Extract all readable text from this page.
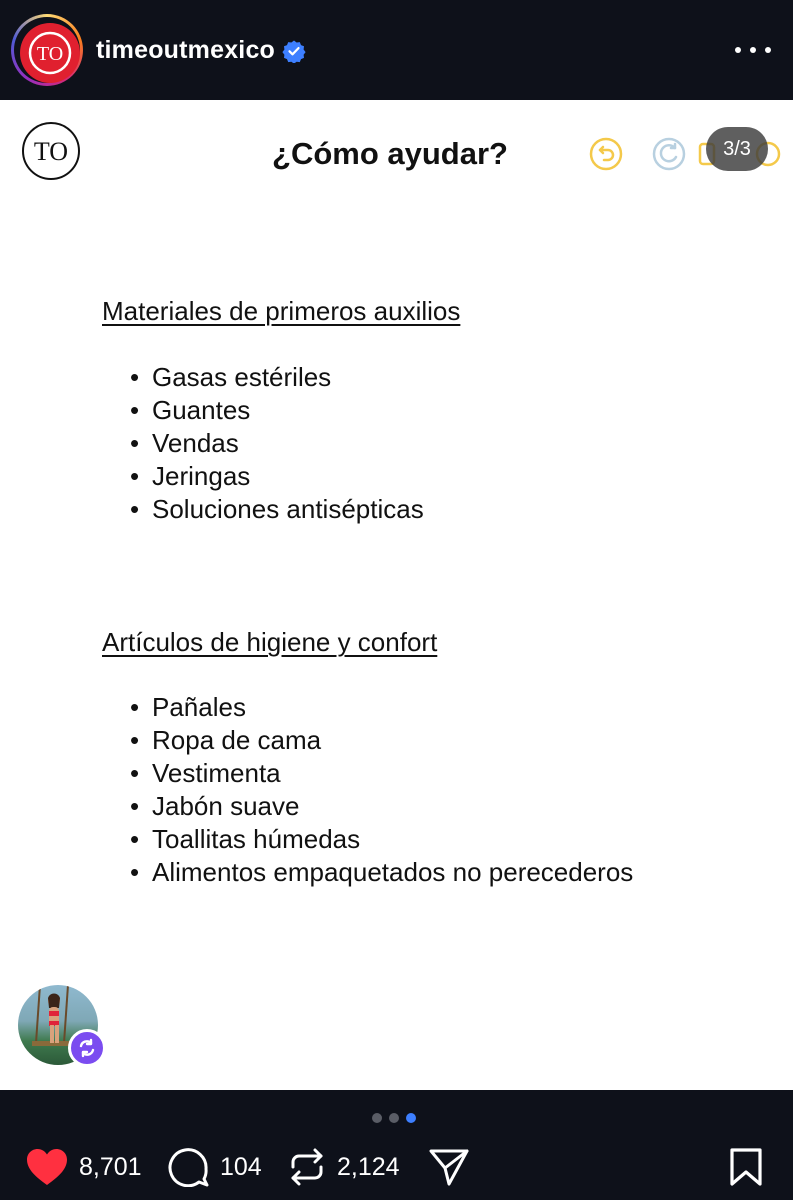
TO timeoutmexico
TO	¿Cómo ayudar?	3/3
Materiales de primeros auxilios
• Gasas estériles
• Guantes
• Vendas
• Jeringas
• Soluciones antisépticas
Artículos de higiene y confort
• Pañales
• Ropa de cama
• Vestimenta
• Jabón suave
• Toallitas húmedas
• Alimentos empaquetados no perecederos
8,701	104	2,124
